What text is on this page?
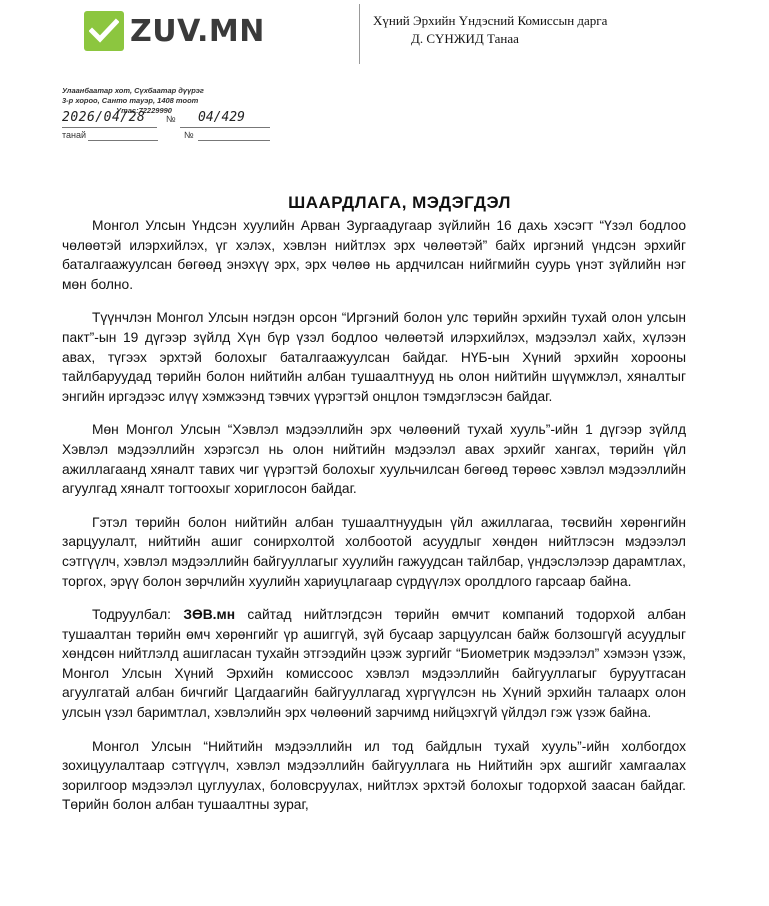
ZUV.MN	Хүний Эрхийн Үндэсний Комиссын дарга
Д. СҮНЖИД Танаа
Улаанбаатар хот, Сүхбаатар дүүрэг
3-р хороо, Санто тауэр, 1408 тоот
Утас:72229990
2026/04/28 № 04/429
танай	№
ШААРДЛАГА, МЭДЭГДЭЛ

Монгол Улсын Үндсэн хуулийн Арван Зургаадугаар зүйлийн 16 дахь хэсэгт “Үзэл бодлоо чөлөөтэй илэрхийлэх, үг хэлэх, хэвлэн нийтлэх эрх чөлөөтэй” байх иргэний үндсэн эрхийг баталгаажуулсан бөгөөд энэхүү эрх, эрх чөлөө нь ардчилсан нийгмийн суурь үнэт зүйлийн нэг мөн болно.

Түүнчлэн Монгол Улсын нэгдэн орсон “Иргэний болон улс төрийн эрхийн тухай олон улсын пакт”-ын 19 дүгээр зүйлд Хүн бүр үзэл бодлоо чөлөөтэй илэрхийлэх, мэдээлэл хайх, хүлээн авах, түгээх эрхтэй болохыг баталгаажуулсан байдаг. НҮБ-ын Хүний эрхийн хорооны тайлбаруудад төрийн болон нийтийн албан тушаалтнууд нь олон нийтийн шүүмжлэл, хяналтыг энгийн иргэдээс илүү хэмжээнд тэвчих үүрэгтэй онцлон тэмдэглэсэн байдаг.

Мөн Монгол Улсын “Хэвлэл мэдээллийн эрх чөлөөний тухай хууль”-ийн 1 дүгээр зүйлд Хэвлэл мэдээллийн хэрэгсэл нь олон нийтийн мэдээлэл авах эрхийг хангах, төрийн үйл ажиллагаанд хяналт тавих чиг үүрэгтэй болохыг хуульчилсан бөгөөд төрөөс хэвлэл мэдээллийн агуулгад хяналт тогтоохыг хориглосон байдаг.

Гэтэл төрийн болон нийтийн албан тушаалтнуудын үйл ажиллагаа, төсвийн хөрөнгийн зарцуулалт, нийтийн ашиг сонирхолтой холбоотой асуудлыг хөндөн нийтлэсэн мэдээлэл сэтгүүлч, хэвлэл мэдээллийн байгууллагыг хуулийн гажуудсан тайлбар, үндэслэлээр дарамтлах, торгох, эрүү болон зөрчлийн хуулийн хариуцлагаар сүрдүүлэх оролдлого гарсаар байна.

Тодруулбал: ЗӨВ.мн сайтад нийтлэгдсэн төрийн өмчит компаний тодорхой албан тушаалтан төрийн өмч хөрөнгийг үр ашиггүй, зүй бусаар зарцуулсан байж болзошгүй асуудлыг хөндсөн нийтлэлд ашигласан тухайн этгээдийн цээж зургийг “Биометрик мэдээлэл” хэмээн үзэж, Монгол Улсын Хүний Эрхийн комиссоос хэвлэл мэдээллийн байгууллагыг буруутгасан агуулгатай албан бичгийг Цагдаагийн байгууллагад хүргүүлсэн нь Хүний эрхийн талаарх олон улсын үзэл баримтлал, хэвлэлийн эрх чөлөөний зарчимд нийцэхгүй үйлдэл гэж үзэж байна.

Монгол Улсын “Нийтийн мэдээллийн ил тод байдлын тухай хууль”-ийн холбогдох зохицуулалтаар сэтгүүлч, хэвлэл мэдээллийн байгууллага нь Нийтийн эрх ашгийг хамгаалах зорилгоор мэдээлэл цуглуулах, боловсруулах, нийтлэх эрхтэй болохыг тодорхой заасан байдаг. Төрийн болон албан тушаалтны зураг,
